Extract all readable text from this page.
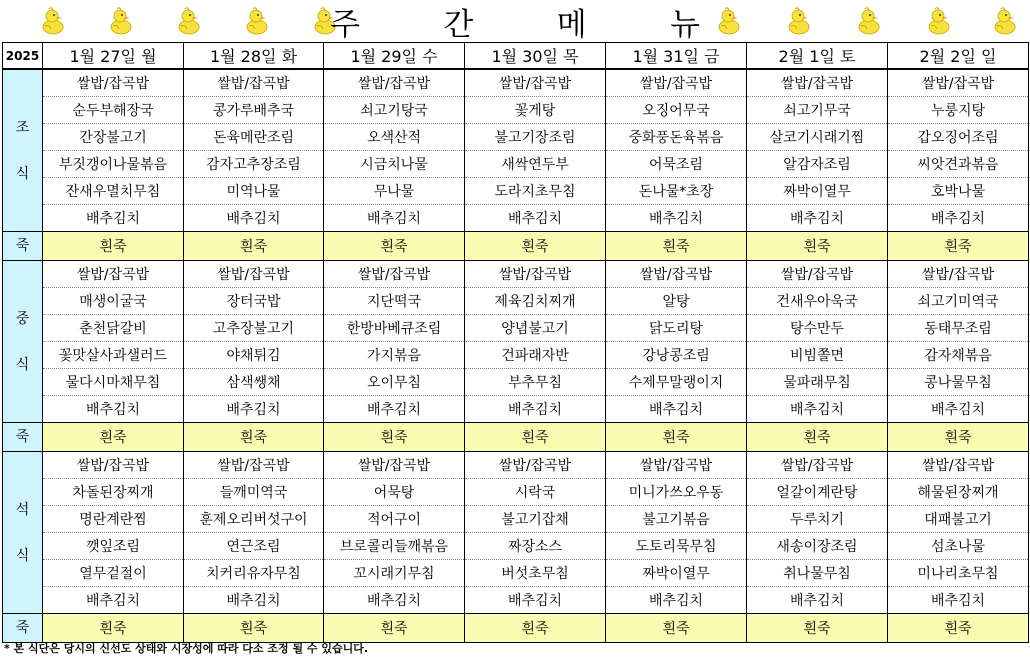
주	간	메	뉴
2025	1월 27일 월	1월 28일 화	1월 29일 수	1월 30일 목	1월 31일 금	2월 1일 토	2월 2일 일
조식	쌀밥/잡곡밥	쌀밥/잡곡밥	쌀밥/잡곡밥	쌀밥/잡곡밥	쌀밥/잡곡밥	쌀밥/잡곡밥	쌀밥/잡곡밥
	순두부해장국	콩가루배추국	쇠고기탕국	꽃게탕	오징어무국	쇠고기무국	누룽지탕
	간장불고기	돈육메란조림	오색산적	불고기장조림	중화풍돈육볶음	살코기시래기찜	갑오징어조림
	부짓갱이나물볶음	감자고추장조림	시금치나물	새싹연두부	어묵조림	알감자조림	씨앗견과볶음
	잔새우멸치무침	미역나물	무나물	도라지초무침	돈나물*초장	짜박이열무	호박나물
	배추김치	배추김치	배추김치	배추김치	배추김치	배추김치	배추김치
죽	흰죽	흰죽	흰죽	흰죽	흰죽	흰죽	흰죽
중식	쌀밥/잡곡밥	쌀밥/잡곡밥	쌀밥/잡곡밥	쌀밥/잡곡밥	쌀밥/잡곡밥	쌀밥/잡곡밥	쌀밥/잡곡밥
	매생이굴국	장터국밥	지단떡국	제육김치찌개	알탕	건새우아욱국	쇠고기미역국
	춘천닭갈비	고추장불고기	한방바베큐조림	양념불고기	닭도리탕	탕수만두	동태무조림
	꽃맛살사과샐러드	야채튀김	가지볶음	건파래자반	강낭콩조림	비빔쫄면	감자채볶음
	물다시마채무침	삼색쌩채	오이무침	부추무침	수제무말랭이지	물파래무침	콩나물무침
	배추김치	배추김치	배추김치	배추김치	배추김치	배추김치	배추김치
죽	흰죽	흰죽	흰죽	흰죽	흰죽	흰죽	흰죽
석식	쌀밥/잡곡밥	쌀밥/잡곡밥	쌀밥/잡곡밥	쌀밥/잡곡밥	쌀밥/잡곡밥	쌀밥/잡곡밥	쌀밥/잡곡밥
	차돌된장찌개	들깨미역국	어묵탕	시락국	미니가쓰오우동	얼갈이계란탕	해물된장찌개
	명란계란찜	훈제오리버섯구이	적어구이	불고기잡채	불고기볶음	두루치기	대패불고기
	깻잎조림	연근조림	브로콜리들깨볶음	짜장소스	도토리묵무침	새송이장조림	섬초나물
	열무겉절이	치커리유자무침	꼬시래기무침	버섯초무침	짜박이열무	취나물무침	미나리초무침
	배추김치	배추김치	배추김치	배추김치	배추김치	배추김치	배추김치
죽	흰죽	흰죽	흰죽	흰죽	흰죽	흰죽	흰죽
* 본 식단은 당시의 신선도 상태와 시장성에 따라 다소 조정 될 수 있습니다.
